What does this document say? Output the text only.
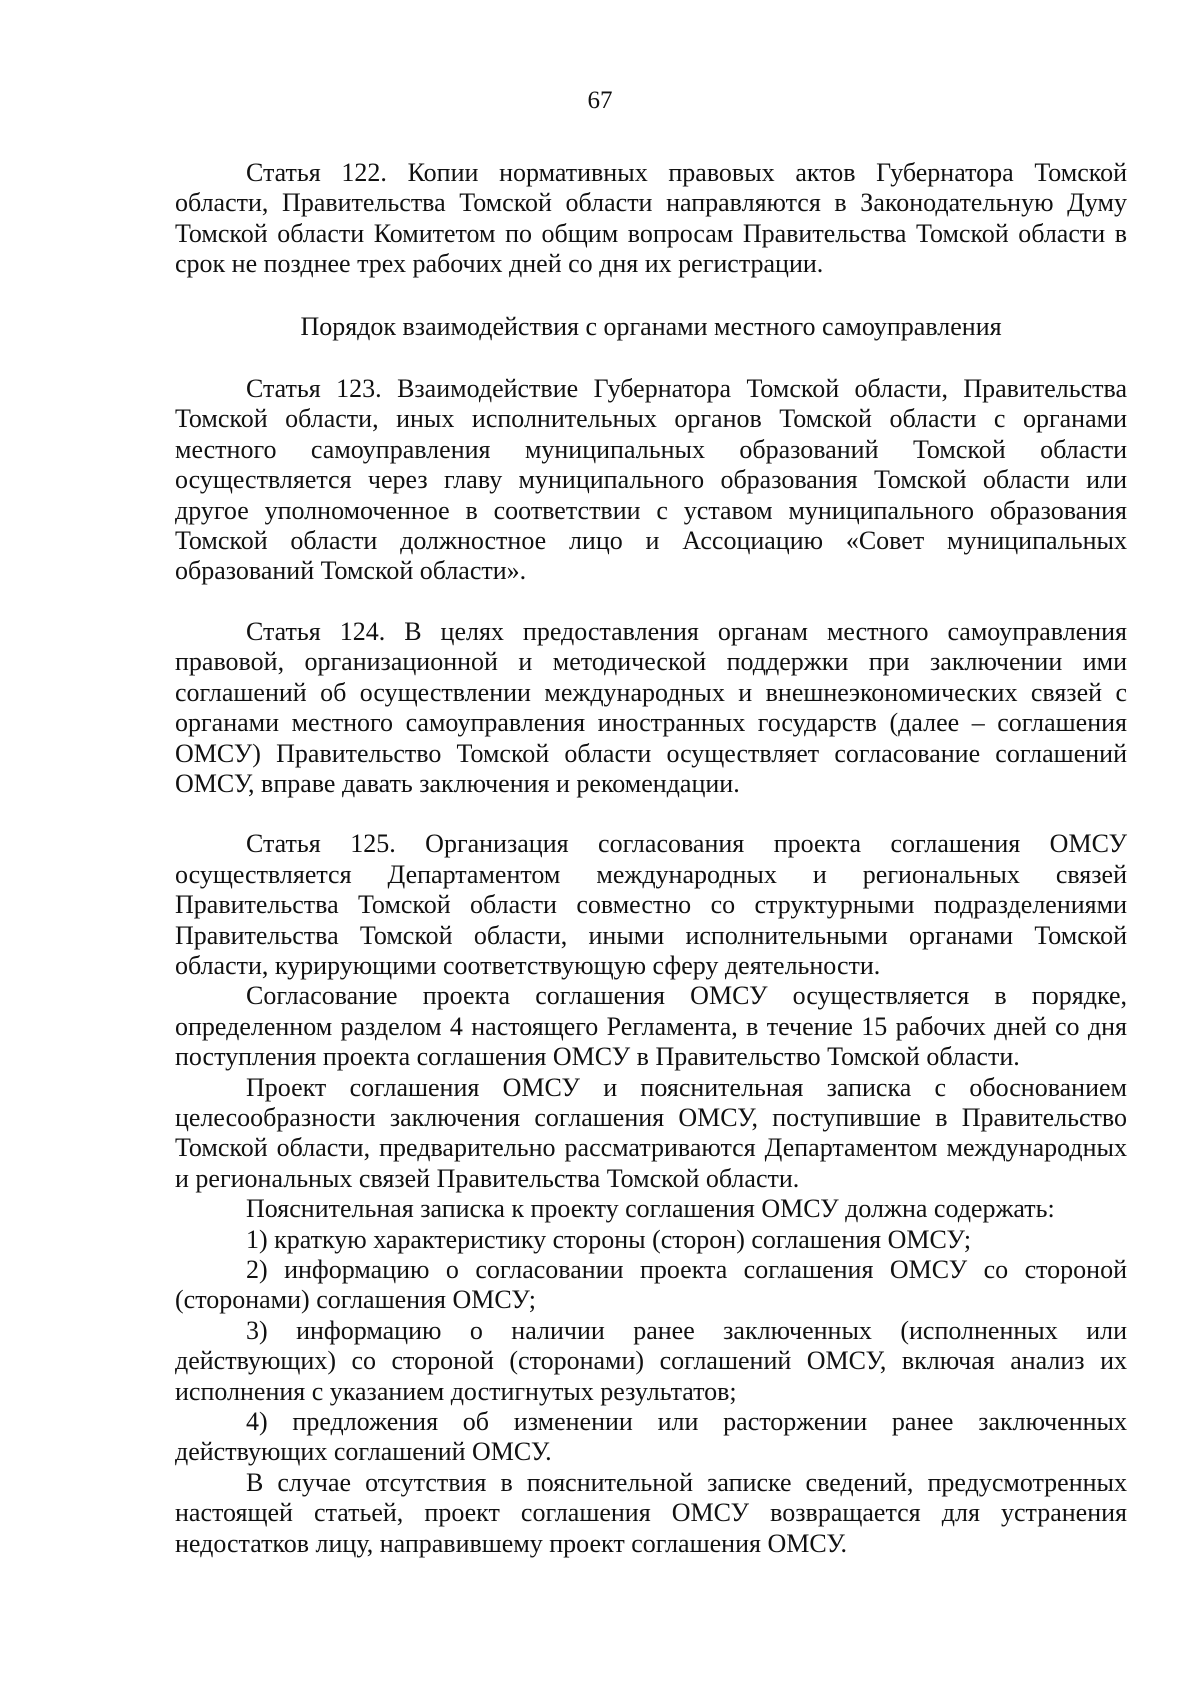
67

Статья 122. Копии нормативных правовых актов Губернатора Томской области, Правительства Томской области направляются в Законодательную Думу Томской области Комитетом по общим вопросам Правительства Томской области в срок не позднее трех рабочих дней со дня их регистрации.

Порядок взаимодействия с органами местного самоуправления

Статья 123. Взаимодействие Губернатора Томской области, Правительства Томской области, иных исполнительных органов Томской области с органами местного самоуправления муниципальных образований Томской области осуществляется через главу муниципального образования Томской области или другое уполномоченное в соответствии с уставом муниципального образования Томской области должностное лицо и Ассоциацию «Совет муниципальных образований Томской области».

Статья 124. В целях предоставления органам местного самоуправления правовой, организационной и методической поддержки при заключении ими соглашений об осуществлении международных и внешнеэкономических связей с органами местного самоуправления иностранных государств (далее – соглашения ОМСУ) Правительство Томской области осуществляет согласование соглашений ОМСУ, вправе давать заключения и рекомендации.

Статья 125. Организация согласования проекта соглашения ОМСУ осуществляется Департаментом международных и региональных связей Правительства Томской области совместно со структурными подразделениями Правительства Томской области, иными исполнительными органами Томской области, курирующими соответствующую сферу деятельности.

Согласование проекта соглашения ОМСУ осуществляется в порядке, определенном разделом 4 настоящего Регламента, в течение 15 рабочих дней со дня поступления проекта соглашения ОМСУ в Правительство Томской области.

Проект соглашения ОМСУ и пояснительная записка с обоснованием целесообразности заключения соглашения ОМСУ, поступившие в Правительство Томской области, предварительно рассматриваются Департаментом международных и региональных связей Правительства Томской области.

Пояснительная записка к проекту соглашения ОМСУ должна содержать:

1) краткую характеристику стороны (сторон) соглашения ОМСУ;

2) информацию о согласовании проекта соглашения ОМСУ со стороной (сторонами) соглашения ОМСУ;

3) информацию о наличии ранее заключенных (исполненных или действующих) со стороной (сторонами) соглашений ОМСУ, включая анализ их исполнения с указанием достигнутых результатов;

4) предложения об изменении или расторжении ранее заключенных действующих соглашений ОМСУ.

В случае отсутствия в пояснительной записке сведений, предусмотренных настоящей статьей, проект соглашения ОМСУ возвращается для устранения недостатков лицу, направившему проект соглашения ОМСУ.
